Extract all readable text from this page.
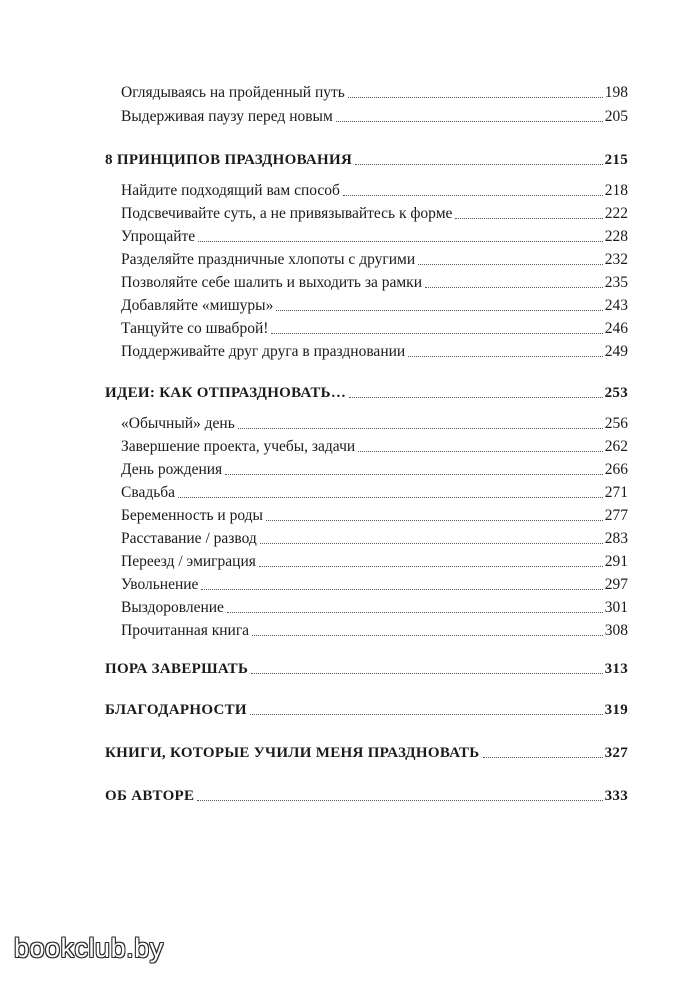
Оглядываясь на пройденный путь	198
Выдерживая паузу перед новым	205
8 ПРИНЦИПОВ ПРАЗДНОВАНИЯ	215
Найдите подходящий вам способ	218
Подсвечивайте суть, а не привязывайтесь к форме	222
Упрощайте	228
Разделяйте праздничные хлопоты с другими	232
Позволяйте себе шалить и выходить за рамки	235
Добавляйте «мишуры»	243
Танцуйте со шваброй!	246
Поддерживайте друг друга в праздновании	249
ИДЕИ: КАК ОТПРАЗДНОВАТЬ…	253
«Обычный» день	256
Завершение проекта, учебы, задачи	262
День рождения	266
Свадьба	271
Беременность и роды	277
Расставание / развод	283
Переезд / эмиграция	291
Увольнение	297
Выздоровление	301
Прочитанная книга	308
ПОРА ЗАВЕРШАТЬ	313
БЛАГОДАРНОСТИ	319
КНИГИ, КОТОРЫЕ УЧИЛИ МЕНЯ ПРАЗДНОВАТЬ	327
ОБ АВТОРЕ	333
bookclub.by
